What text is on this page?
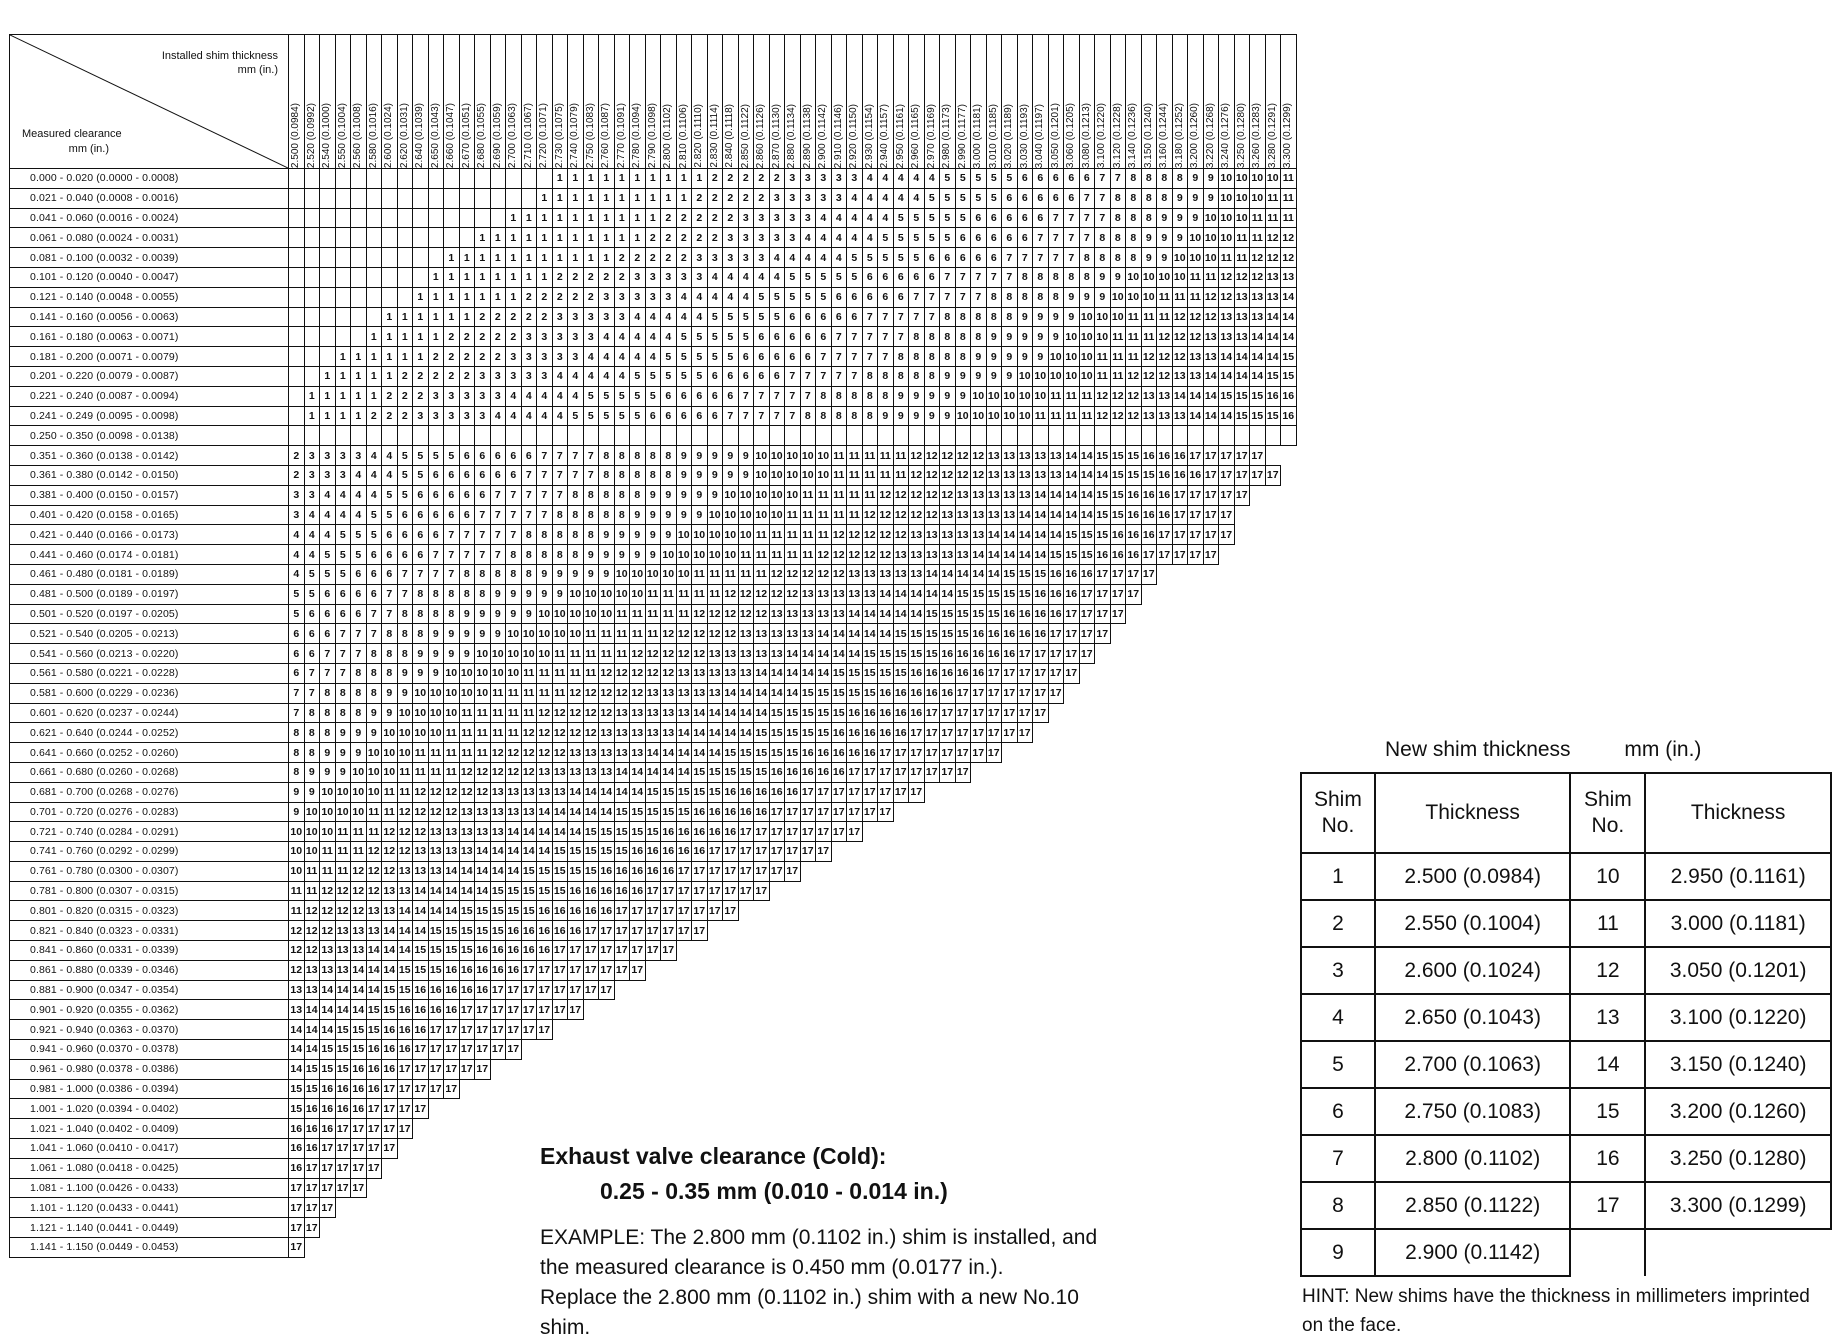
Installed shim thickness
mm (in.)
Measured clearance
mm (in.)	2.500 (0.0984)	2.520 (0.0992)	2.540 (0.1000)	2.550 (0.1004)	2.560 (0.1008)	2.580 (0.1016)	2.600 (0.1024)	2.620 (0.1031)	2.640 (0.1039)	2.650 (0.1043)	2.660 (0.1047)	2.670 (0.1051)	2.680 (0.1055)	2.690 (0.1059)	2.700 (0.1063)	2.710 (0.1067)	2.720 (0.1071)	2.730 (0.1075)	2.740 (0.1079)	2.750 (0.1083)	2.760 (0.1087)	2.770 (0.1091)	2.780 (0.1094)	2.790 (0.1098)	2.800 (0.1102)	2.810 (0.1106)	2.820 (0.1110)	2.830 (0.1114)	2.840 (0.1118)	2.850 (0.1122)	2.860 (0.1126)	2.870 (0.1130)	2.880 (0.1134)	2.890 (0.1138)	2.900 (0.1142)	2.910 (0.1146)	2.920 (0.1150)	2.930 (0.1154)	2.940 (0.1157)	2.950 (0.1161)	2.960 (0.1165)	2.970 (0.1169)	2.980 (0.1173)	2.990 (0.1177)	3.000 (0.1181)	3.010 (0.1185)	3.020 (0.1189)	3.030 (0.1193)	3.040 (0.1197)	3.050 (0.1201)	3.060 (0.1205)	3.080 (0.1213)	3.100 (0.1220)	3.120 (0.1228)	3.140 (0.1236)	3.150 (0.1240)	3.160 (0.1244)	3.180 (0.1252)	3.200 (0.1260)	3.220 (0.1268)	3.240 (0.1276)	3.250 (0.1280)	3.260 (0.1283)	3.280 (0.1291)	3.300 (0.1299)

0.000 - 0.020 (0.0000 - 0.0008)																		1	1	1	1	1	1	1	1	1	1	2	2	2	2	2	3	3	3	3	3	4	4	4	4	4	5	5	5	5	5	6	6	6	6	6	7	7	8	8	8	8	9	9	10	10	10	10	11
0.021 - 0.040 (0.0008 - 0.0016)																	1	1	1	1	1	1	1	1	1	1	2	2	2	2	2	3	3	3	3	3	4	4	4	4	4	5	5	5	5	5	6	6	6	6	6	7	7	8	8	8	8	9	9	9	10	10	10	11	11
0.041 - 0.060 (0.0016 - 0.0024)															1	1	1	1	1	1	1	1	1	1	2	2	2	2	2	3	3	3	3	3	4	4	4	4	4	5	5	5	5	5	6	6	6	6	6	7	7	7	7	8	8	8	9	9	9	10	10	10	11	11	11
0.061 - 0.080 (0.0024 - 0.0031)													1	1	1	1	1	1	1	1	1	1	1	2	2	2	2	2	3	3	3	3	3	4	4	4	4	4	5	5	5	5	5	6	6	6	6	6	7	7	7	7	8	8	8	9	9	9	10	10	10	11	11	12	12
0.081 - 0.100 (0.0032 - 0.0039)											1	1	1	1	1	1	1	1	1	1	1	2	2	2	2	2	3	3	3	3	3	4	4	4	4	4	5	5	5	5	5	6	6	6	6	6	7	7	7	7	7	8	8	8	8	9	9	10	10	10	11	11	12	12	12
0.101 - 0.120 (0.0040 - 0.0047)										1	1	1	1	1	1	1	1	2	2	2	2	2	3	3	3	3	3	4	4	4	4	4	5	5	5	5	5	6	6	6	6	6	7	7	7	7	7	8	8	8	8	8	9	9	10	10	10	10	11	11	12	12	12	13	13
0.121 - 0.140 (0.0048 - 0.0055)									1	1	1	1	1	1	1	2	2	2	2	2	3	3	3	3	3	4	4	4	4	4	5	5	5	5	5	6	6	6	6	6	7	7	7	7	7	8	8	8	8	8	9	9	9	10	10	10	11	11	11	12	12	13	13	13	14
0.141 - 0.160 (0.0056 - 0.0063)							1	1	1	1	1	1	2	2	2	2	2	3	3	3	3	3	4	4	4	4	4	5	5	5	5	5	6	6	6	6	6	7	7	7	7	7	8	8	8	8	8	9	9	9	9	10	10	10	11	11	11	12	12	12	13	13	13	14	14
0.161 - 0.180 (0.0063 - 0.0071)						1	1	1	1	1	2	2	2	2	2	3	3	3	3	3	4	4	4	4	4	5	5	5	5	5	6	6	6	6	6	7	7	7	7	7	8	8	8	8	8	9	9	9	9	9	10	10	10	11	11	11	12	12	12	13	13	13	14	14	14
0.181 - 0.200 (0.0071 - 0.0079)				1	1	1	1	1	1	2	2	2	2	2	3	3	3	3	3	4	4	4	4	4	5	5	5	5	5	6	6	6	6	6	7	7	7	7	7	8	8	8	8	8	9	9	9	9	9	10	10	10	11	11	11	12	12	12	13	13	14	14	14	14	15
0.201 - 0.220 (0.0079 - 0.0087)			1	1	1	1	1	2	2	2	2	2	3	3	3	3	3	4	4	4	4	4	5	5	5	5	5	6	6	6	6	6	7	7	7	7	7	8	8	8	8	8	9	9	9	9	9	10	10	10	10	10	11	11	12	12	12	13	13	14	14	14	14	15	15
0.221 - 0.240 (0.0087 - 0.0094)		1	1	1	1	1	2	2	2	3	3	3	3	3	4	4	4	4	4	5	5	5	5	5	6	6	6	6	6	7	7	7	7	7	8	8	8	8	8	9	9	9	9	9	10	10	10	10	10	11	11	11	12	12	12	13	13	14	14	14	15	15	15	16	16
0.241 - 0.249 (0.0095 - 0.0098)		1	1	1	1	2	2	2	3	3	3	3	3	4	4	4	4	4	5	5	5	5	5	6	6	6	6	6	7	7	7	7	7	8	8	8	8	8	9	9	9	9	9	10	10	10	10	10	11	11	11	11	12	12	12	13	13	13	14	14	14	15	15	15	16
0.250 - 0.350 (0.0098 - 0.0138)																																																																	
0.351 - 0.360 (0.0138 - 0.0142)	2	3	3	3	3	4	4	5	5	5	5	6	6	6	6	6	7	7	7	7	8	8	8	8	8	9	9	9	9	9	10	10	10	10	10	11	11	11	11	11	12	12	12	12	12	13	13	13	13	13	14	14	15	15	15	16	16	16	17	17	17	17	17		
0.361 - 0.380 (0.0142 - 0.0150)	2	3	3	3	4	4	4	5	5	6	6	6	6	6	6	7	7	7	7	7	8	8	8	8	8	9	9	9	9	9	10	10	10	10	10	11	11	11	11	11	12	12	12	12	12	13	13	13	13	13	14	14	14	15	15	15	16	16	16	17	17	17	17	17	
0.381 - 0.400 (0.0150 - 0.0157)	3	3	4	4	4	4	5	5	6	6	6	6	6	7	7	7	7	7	8	8	8	8	8	9	9	9	9	9	10	10	10	10	10	11	11	11	11	11	12	12	12	12	12	13	13	13	13	13	14	14	14	14	15	15	16	16	16	17	17	17	17	17			
0.401 - 0.420 (0.0158 - 0.0165)	3	4	4	4	4	5	5	6	6	6	6	6	7	7	7	7	7	8	8	8	8	8	9	9	9	9	9	10	10	10	10	10	11	11	11	11	11	12	12	12	12	12	13	13	13	13	13	14	14	14	14	14	15	15	16	16	16	17	17	17	17				
0.421 - 0.440 (0.0166 - 0.0173)	4	4	4	5	5	5	6	6	6	6	7	7	7	7	7	8	8	8	8	8	9	9	9	9	9	10	10	10	10	10	11	11	11	11	11	12	12	12	12	12	13	13	13	13	13	14	14	14	14	14	15	15	15	16	16	16	17	17	17	17	17				
0.441 - 0.460 (0.0174 - 0.0181)	4	4	5	5	5	6	6	6	6	7	7	7	7	7	8	8	8	8	8	9	9	9	9	9	10	10	10	10	10	11	11	11	11	11	12	12	12	12	12	13	13	13	13	13	14	14	14	14	14	15	15	15	16	16	16	17	17	17	17	17					
0.461 - 0.480 (0.0181 - 0.0189)	4	5	5	5	6	6	6	7	7	7	7	8	8	8	8	8	9	9	9	9	9	10	10	10	10	10	11	11	11	11	11	12	12	12	12	12	13	13	13	13	13	14	14	14	14	14	15	15	15	16	16	16	17	17	17	17									
0.481 - 0.500 (0.0189 - 0.0197)	5	5	6	6	6	6	7	7	8	8	8	8	8	9	9	9	9	9	10	10	10	10	10	11	11	11	11	11	12	12	12	12	12	13	13	13	13	13	14	14	14	14	14	15	15	15	15	15	16	16	16	17	17	17	17										
0.501 - 0.520 (0.0197 - 0.0205)	5	6	6	6	6	7	7	8	8	8	8	9	9	9	9	9	10	10	10	10	10	11	11	11	11	11	12	12	12	12	12	13	13	13	13	13	14	14	14	14	14	15	15	15	15	15	16	16	16	16	17	17	17	17											
0.521 - 0.540 (0.0205 - 0.0213)	6	6	6	7	7	7	8	8	8	9	9	9	9	9	10	10	10	10	10	11	11	11	11	11	12	12	12	12	12	13	13	13	13	13	14	14	14	14	14	15	15	15	15	15	16	16	16	16	16	17	17	17	17												
0.541 - 0.560 (0.0213 - 0.0220)	6	6	7	7	7	8	8	8	9	9	9	9	10	10	10	10	10	11	11	11	11	11	12	12	12	12	12	13	13	13	13	13	14	14	14	14	14	15	15	15	15	15	16	16	16	16	16	17	17	17	17	17													
0.561 - 0.580 (0.0221 - 0.0228)	6	7	7	7	8	8	8	9	9	9	10	10	10	10	10	11	11	11	11	11	12	12	12	12	12	13	13	13	13	13	14	14	14	14	14	15	15	15	15	15	16	16	16	16	16	17	17	17	17	17	17														
0.581 - 0.600 (0.0229 - 0.0236)	7	7	8	8	8	8	9	9	10	10	10	10	10	11	11	11	11	11	12	12	12	12	12	13	13	13	13	13	14	14	14	14	14	15	15	15	15	15	16	16	16	16	16	17	17	17	17	17	17	17															
0.601 - 0.620 (0.0237 - 0.0244)	7	8	8	8	8	9	9	10	10	10	10	11	11	11	11	11	12	12	12	12	12	13	13	13	13	13	14	14	14	14	14	15	15	15	15	15	16	16	16	16	16	17	17	17	17	17	17	17	17																
0.621 - 0.640 (0.0244 - 0.0252)	8	8	8	9	9	9	10	10	10	10	11	11	11	11	11	12	12	12	12	12	13	13	13	13	13	14	14	14	14	14	15	15	15	15	15	16	16	16	16	16	17	17	17	17	17	17	17	17																	
0.641 - 0.660 (0.0252 - 0.0260)	8	8	9	9	9	10	10	10	11	11	11	11	11	12	12	12	12	12	13	13	13	13	13	14	14	14	14	14	15	15	15	15	15	16	16	16	16	16	17	17	17	17	17	17	17	17																			
0.661 - 0.680 (0.0260 - 0.0268)	8	9	9	9	10	10	10	11	11	11	11	12	12	12	12	12	13	13	13	13	13	14	14	14	14	14	15	15	15	15	15	16	16	16	16	16	17	17	17	17	17	17	17	17																					
0.681 - 0.700 (0.0268 - 0.0276)	9	9	10	10	10	10	11	11	12	12	12	12	12	13	13	13	13	13	14	14	14	14	14	15	15	15	15	15	16	16	16	16	16	17	17	17	17	17	17	17	17																								
0.701 - 0.720 (0.0276 - 0.0283)	9	10	10	10	10	11	11	12	12	12	12	13	13	13	13	13	14	14	14	14	14	15	15	15	15	15	16	16	16	16	16	17	17	17	17	17	17	17	17																										
0.721 - 0.740 (0.0284 - 0.0291)	10	10	10	11	11	11	12	12	12	13	13	13	13	13	14	14	14	14	14	15	15	15	15	15	16	16	16	16	16	17	17	17	17	17	17	17	17																												
0.741 - 0.760 (0.0292 - 0.0299)	10	10	11	11	11	12	12	12	13	13	13	13	14	14	14	14	14	15	15	15	15	15	16	16	16	16	16	17	17	17	17	17	17	17	17																														
0.761 - 0.780 (0.0300 - 0.0307)	10	11	11	11	12	12	12	13	13	13	14	14	14	14	14	15	15	15	15	15	16	16	16	16	16	17	17	17	17	17	17	17	17																																
0.781 - 0.800 (0.0307 - 0.0315)	11	11	12	12	12	12	13	13	14	14	14	14	14	15	15	15	15	15	16	16	16	16	16	17	17	17	17	17	17	17	17																																		
0.801 - 0.820 (0.0315 - 0.0323)	11	12	12	12	12	13	13	14	14	14	14	15	15	15	15	15	16	16	16	16	16	17	17	17	17	17	17	17	17																																				
0.821 - 0.840 (0.0323 - 0.0331)	12	12	12	13	13	13	14	14	14	15	15	15	15	15	16	16	16	16	16	17	17	17	17	17	17	17	17																																						
0.841 - 0.860 (0.0331 - 0.0339)	12	12	13	13	13	14	14	14	15	15	15	15	16	16	16	16	16	17	17	17	17	17	17	17	17																																								
0.861 - 0.880 (0.0339 - 0.0346)	12	13	13	13	14	14	14	15	15	15	16	16	16	16	16	17	17	17	17	17	17	17	17																																										
0.881 - 0.900 (0.0347 - 0.0354)	13	13	14	14	14	14	15	15	16	16	16	16	16	17	17	17	17	17	17	17	17																																												
0.901 - 0.920 (0.0355 - 0.0362)	13	14	14	14	14	15	15	16	16	16	16	17	17	17	17	17	17	17	17																																														
0.921 - 0.940 (0.0363 - 0.0370)	14	14	14	15	15	15	16	16	16	17	17	17	17	17	17	17	17																																																
0.941 - 0.960 (0.0370 - 0.0378)	14	14	15	15	15	16	16	16	17	17	17	17	17	17	17																																																		
0.961 - 0.980 (0.0378 - 0.0386)	14	15	15	15	16	16	16	17	17	17	17	17	17																																																				
0.981 - 1.000 (0.0386 - 0.0394)	15	15	16	16	16	16	17	17	17	17	17																																																						
1.001 - 1.020 (0.0394 - 0.0402)	15	16	16	16	16	17	17	17	17																																																								
1.021 - 1.040 (0.0402 - 0.0409)	16	16	16	17	17	17	17	17																																																									
1.041 - 1.060 (0.0410 - 0.0417)	16	16	17	17	17	17	17																																																										
1.061 - 1.080 (0.0418 - 0.0425)	16	17	17	17	17	17																																																											
1.081 - 1.100 (0.0426 - 0.0433)	17	17	17	17	17																																																												
1.101 - 1.120 (0.0433 - 0.0441)	17	17	17																																																														
1.121 - 1.140 (0.0441 - 0.0449)	17	17																																																															
1.141 - 1.150 (0.0449 - 0.0453)	17																																																																
Exhaust valve clearance (Cold):
0.25 - 0.35 mm (0.010 - 0.014 in.)
EXAMPLE: The 2.800 mm (0.1102 in.) shim is installed, and
the measured clearance is 0.450 mm (0.0177 in.).
Replace the 2.800 mm (0.1102 in.) shim with a new No.10
shim.
New shim thickness	mm (in.)
Shim No.	Thickness	Shim No.	Thickness
1	2.500 (0.0984)	10	2.950 (0.1161)
2	2.550 (0.1004)	11	3.000 (0.1181)
3	2.600 (0.1024)	12	3.050 (0.1201)
4	2.650 (0.1043)	13	3.100 (0.1220)
5	2.700 (0.1063)	14	3.150 (0.1240)
6	2.750 (0.1083)	15	3.200 (0.1260)
7	2.800 (0.1102)	16	3.250 (0.1280)
8	2.850 (0.1122)	17	3.300 (0.1299)
9	2.900 (0.1142)		
HINT: New shims have the thickness in millimeters imprinted on the face.
